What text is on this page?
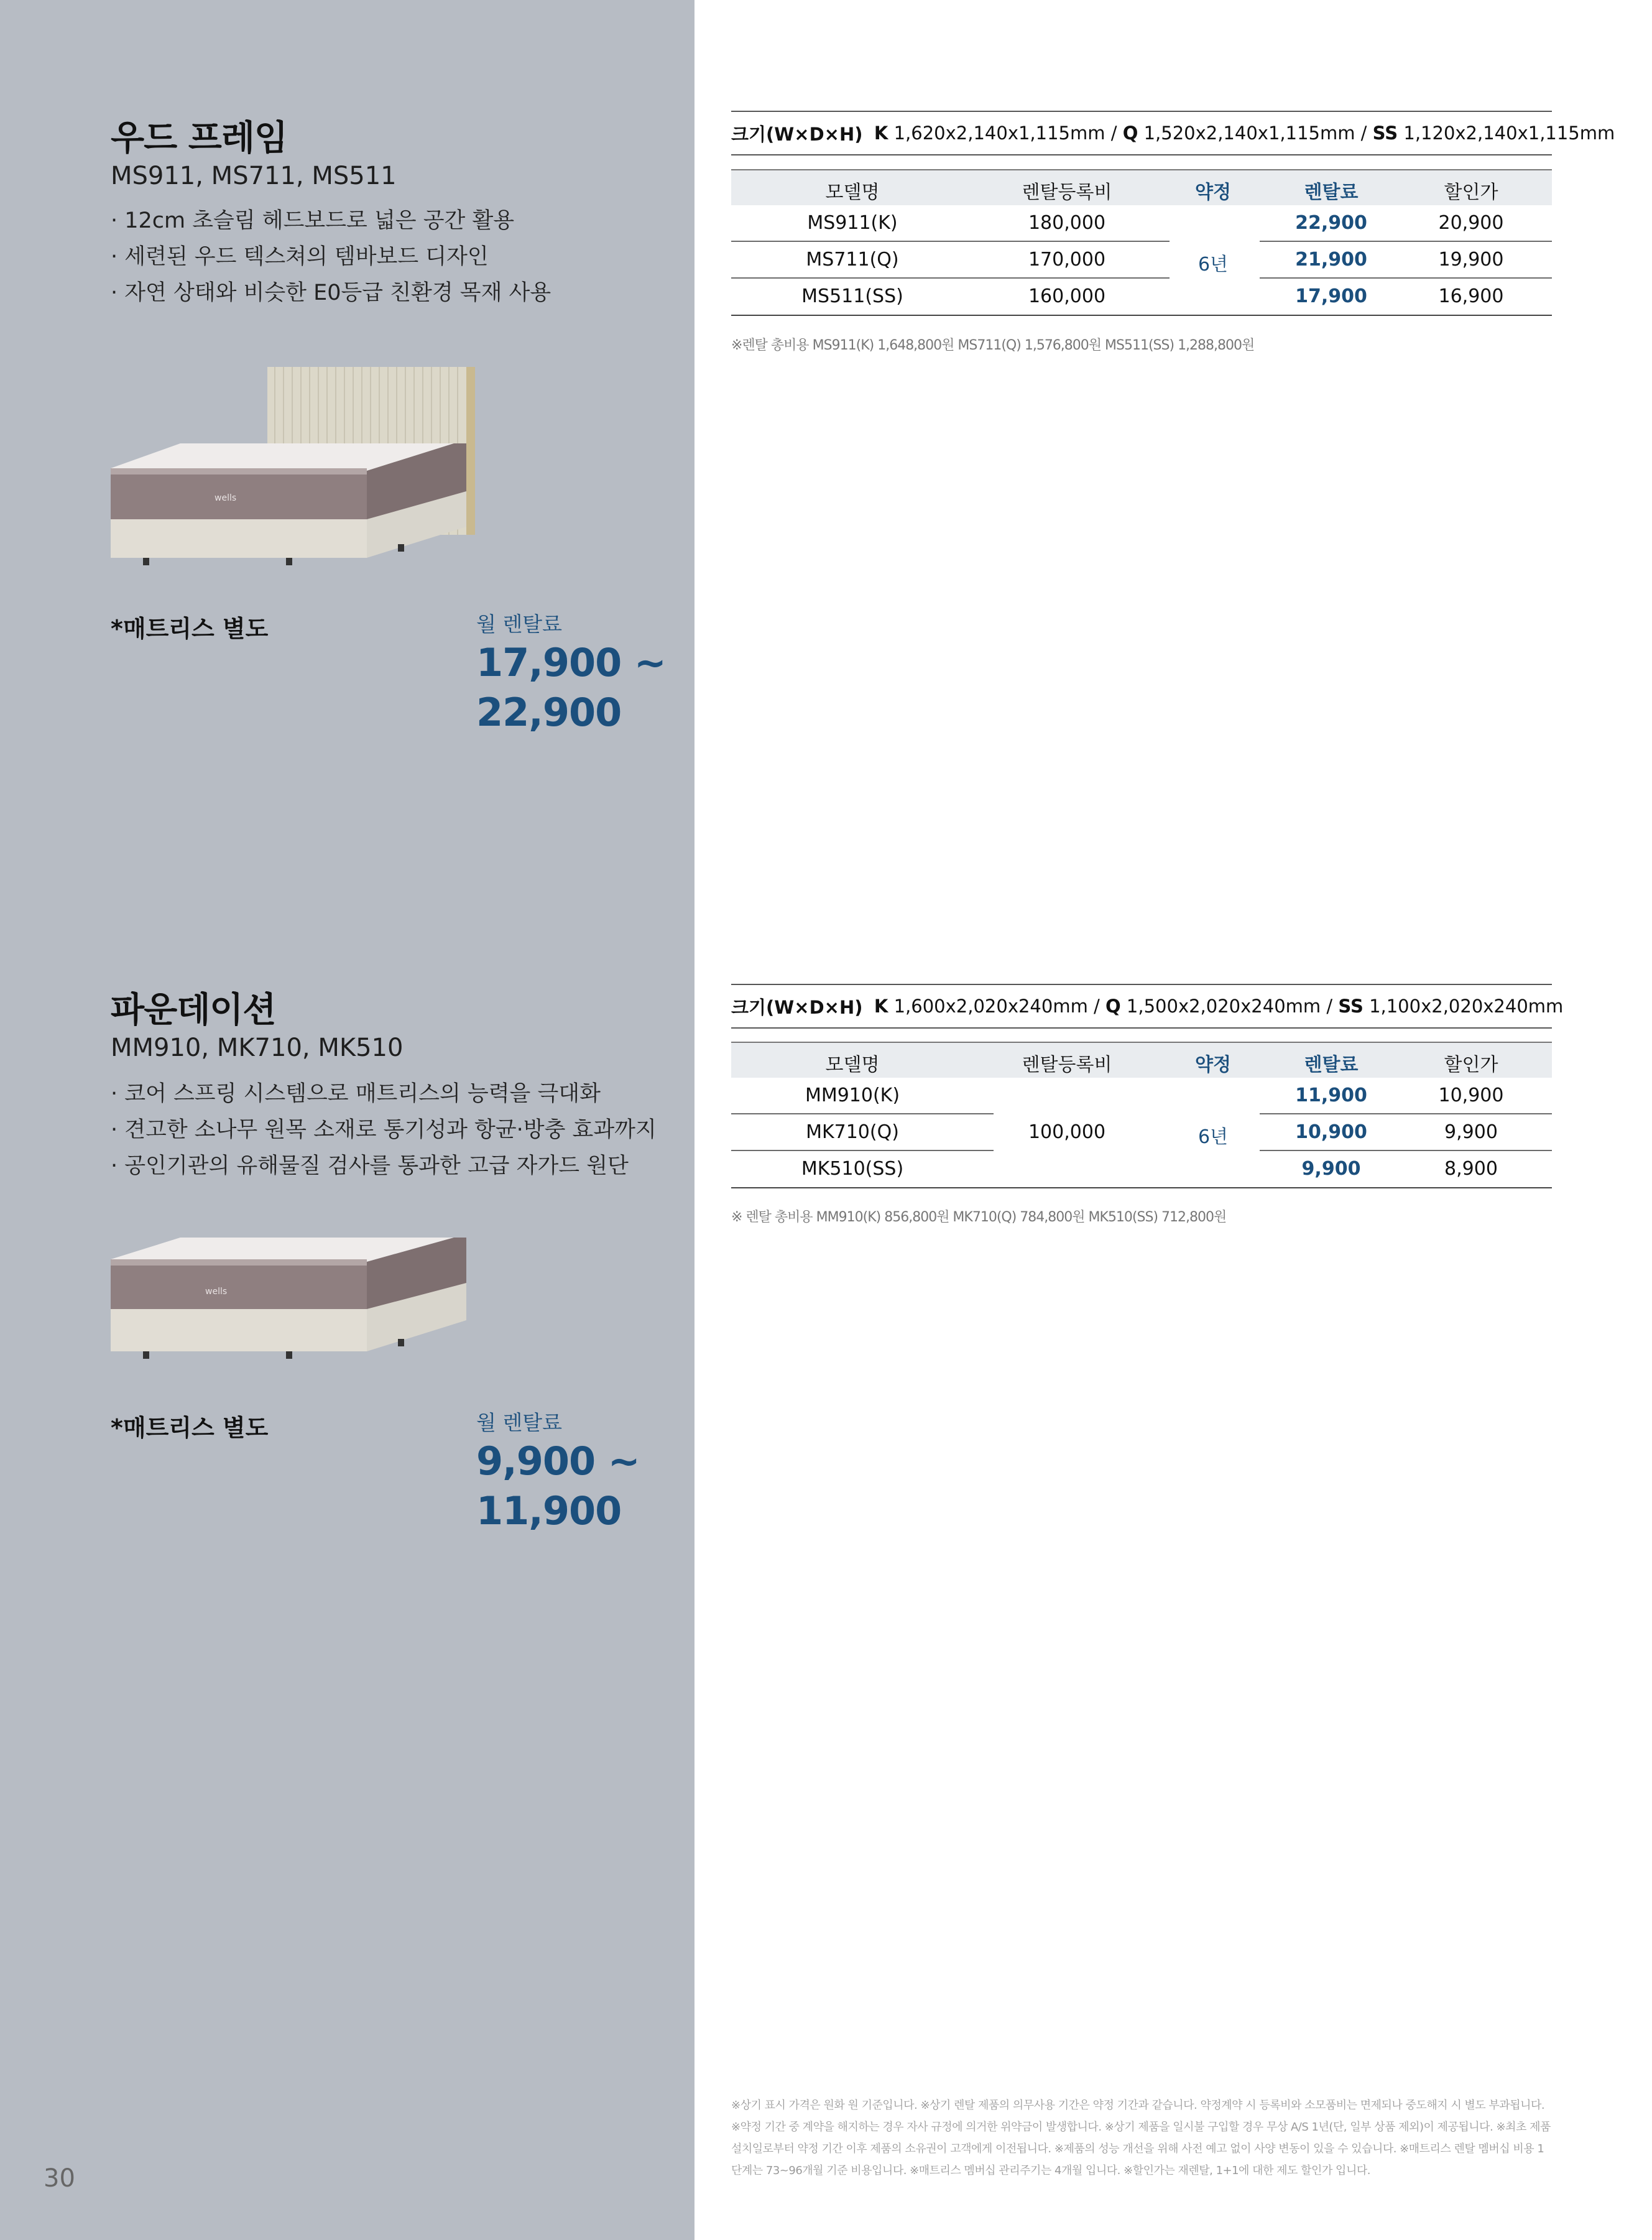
우드 프레임
MS911, MS711, MS511
· 12cm 초슬림 헤드보드로 넓은 공간 활용
· 세련된 우드 텍스쳐의 템바보드 디자인
· 자연 상태와 비슷한 E0등급 친환경 목재 사용
wells
*매트리스 별도	월 렌탈료
17,900 ~
22,900
크기(W×D×H)
K
1,620x2,140x1,115mm /
Q
1,520x2,140x1,115mm /
SS
1,120x2,140x1,115mm
모델명	렌탈등록비	약정	렌탈료	할인가
6년
MS911(K)	180,000	22,900	20,900
MS711(Q)	170,000	21,900	19,900
MS511(SS)	160,000	17,900	16,900
※렌탈 총비용 MS911(K) 1,648,800원 MS711(Q) 1,576,800원 MS511(SS) 1,288,800원
파운데이션
MM910, MK710, MK510
· 코어 스프링 시스템으로 매트리스의 능력을 극대화
· 견고한 소나무 원목 소재로 통기성과 항균·방충 효과까지
· 공인기관의 유해물질 검사를 통과한 고급 자가드 원단
wells
*매트리스 별도	월 렌탈료
9,900 ~
11,900
크기(W×D×H)
K
1,600x2,020x240mm /
Q
1,500x2,020x240mm /
SS
1,100x2,020x240mm
모델명	렌탈등록비	약정	렌탈료	할인가
100,000	6년
MM910(K)	11,900	10,900
MK710(Q)	10,900	9,900
MK510(SS)	9,900	8,900
※ 렌탈 총비용 MM910(K) 856,800원 MK710(Q) 784,800원 MK510(SS) 712,800원
※상기 표시 가격은 원화 원 기준입니다. ※상기 렌탈 제품의 의무사용 기간은 약정 기간과 같습니다. 약정계약 시 등록비와 소모품비는 면제되나 중도해지 시 별도 부과됩니다. ※약정 기간 중 계약을 해지하는 경우 자사 규정에 의거한 위약금이 발생합니다. ※상기 제품을 일시불 구입할 경우 무상 A/S 1년(단, 일부 상품 제외)이 제공됩니다. ※최초 제품 설치일로부터 약정 기간 이후 제품의 소유권이 고객에게 이전됩니다. ※제품의 성능 개선을 위해 사전 예고 없이 사양 변동이 있을 수 있습니다. ※매트리스 렌탈 멤버십 비용 1단계는 73~96개월 기준 비용입니다. ※매트리스 멤버십 관리주기는 4개월 입니다. ※할인가는 재렌탈, 1+1에 대한 제도 할인가 입니다.
30
